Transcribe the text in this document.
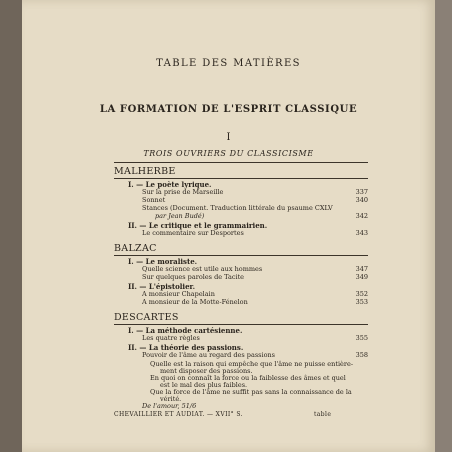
TABLE DES MATIÈRES
LA FORMATION DE L'ESPRIT CLASSIQUE
I
TROIS OUVRIERS DU CLASSICISME
MALHERBE
I. — Le poète lyrique.
Sur la prise de Marseille	337
Sonnet	340
Stances (Document. Traduction littérale du psaume CXLV
par Jean Budé)	342
II. — Le critique et le grammairien.
Le commentaire sur Desportes	343
BALZAC
I. — Le moraliste.
Quelle science est utile aux hommes	347
Sur quelques paroles de Tacite	349
II. — L'épistolier.
A monsieur Chapelain	352
A monsieur de la Motte-Fénelon	353
DESCARTES
I. — La méthode cartésienne.
Les quatre règles	355
II. — La théorie des passions.
Pouvoir de l'âme au regard des passions	358
Quelle est la raison qui empêche que l'âme ne puisse entière-
ment disposer des passions.
En quoi on connaît la force ou la faiblesse des âmes et quel
est le mal des plus faibles.
Que la force de l'âme ne suffit pas sans la connaissance de la
vérité.
De l'amour, 51/6
CHEVAILLIER ET AUDIAT. — XVII° S.	table
